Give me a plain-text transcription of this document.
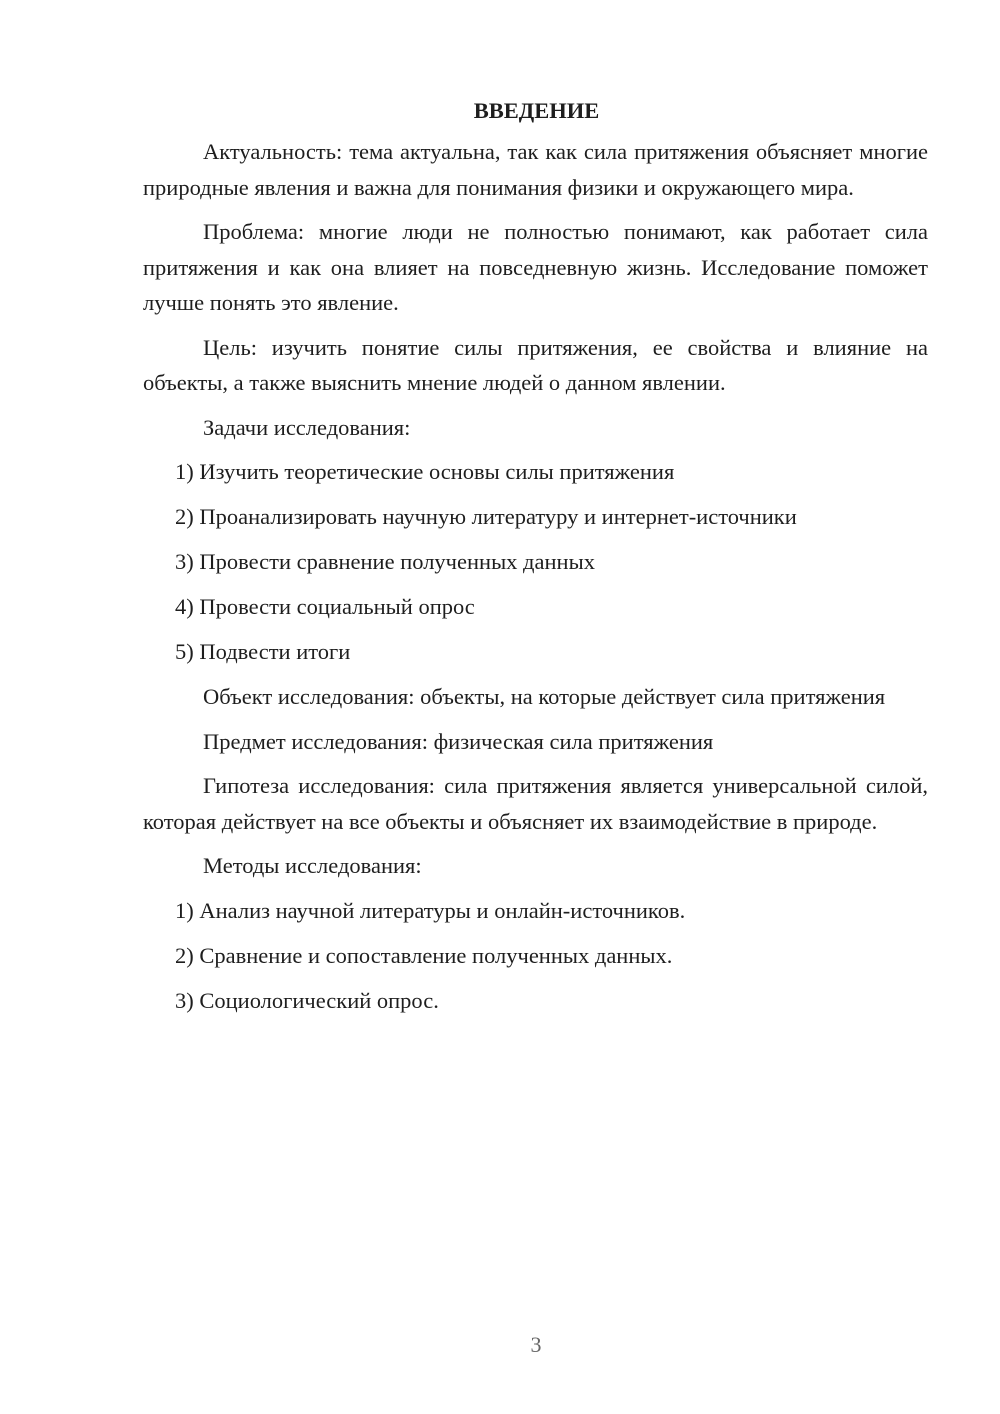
ВВЕДЕНИЕ

Актуальность: тема актуальна, так как сила притяжения объясняет многие природные явления и важна для понимания физики и окружающего мира.

Проблема: многие люди не полностью понимают, как работает сила притяжения и как она влияет на повседневную жизнь. Исследование поможет лучше понять это явление.

Цель: изучить понятие силы притяжения, ее свойства и влияние на объекты, а также выяснить мнение людей о данном явлении.

Задачи исследования:

1) Изучить теоретические основы силы притяжения

2) Проанализировать научную литературу и интернет-источники

3) Провести сравнение полученных данных

4) Провести социальный опрос

5) Подвести итоги

Объект исследования: объекты, на которые действует сила притяжения

Предмет исследования: физическая сила притяжения

Гипотеза исследования: сила притяжения является универсальной силой, которая действует на все объекты и объясняет их взаимодействие в природе.

Методы исследования:

1) Анализ научной литературы и онлайн-источников.

2) Сравнение и сопоставление полученных данных.

3) Социологический опрос.

3
